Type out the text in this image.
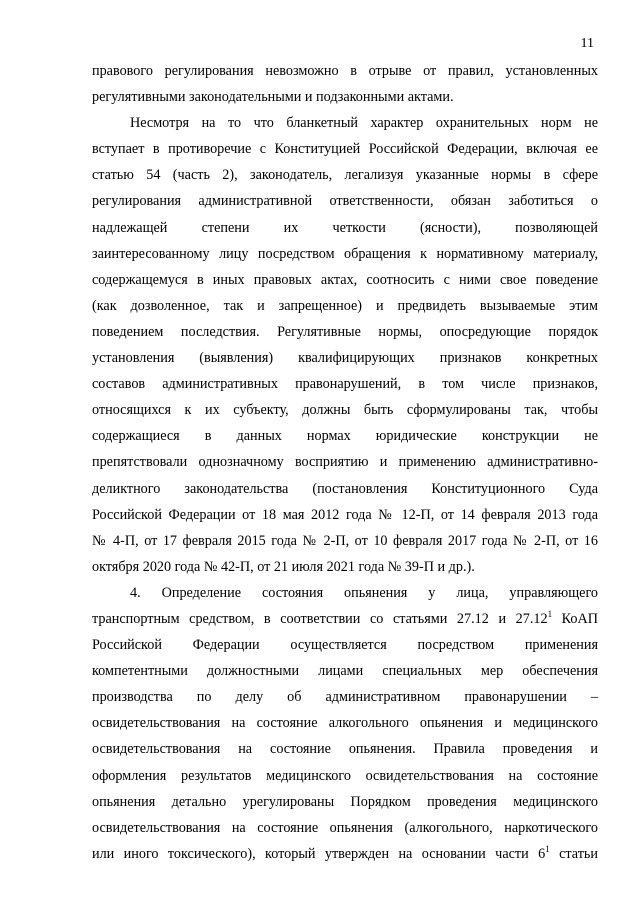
11
правового регулирования невозможно в отрыве от правил, установленных
регулятивными законодательными и подзаконными актами.
Несмотря на то что бланкетный характер охранительных норм не
вступает в противоречие с Конституцией Российской Федерации, включая ее
статью 54 (часть 2), законодатель, легализуя указанные нормы в сфере
регулирования административной ответственности, обязан заботиться о
надлежащей степени их четкости (ясности), позволяющей
заинтересованному лицу посредством обращения к нормативному материалу,
содержащемуся в иных правовых актах, соотносить с ними свое поведение
(как дозволенное, так и запрещенное) и предвидеть вызываемые этим
поведением последствия. Регулятивные нормы, опосредующие порядок
установления (выявления) квалифицирующих признаков конкретных
составов административных правонарушений, в том числе признаков,
относящихся к их субъекту, должны быть сформулированы так, чтобы
содержащиеся в данных нормах юридические конструкции не
препятствовали однозначному восприятию и применению административно-
деликтного законодательства (постановления Конституционного Суда
Российской Федерации от 18 мая 2012 года № 12-П, от 14 февраля 2013 года
№ 4-П, от 17 февраля 2015 года № 2-П, от 10 февраля 2017 года № 2-П, от 16
октября 2020 года № 42-П, от 21 июля 2021 года № 39-П и др.).
4. Определение состояния опьянения у лица, управляющего
транспортным средством, в соответствии со статьями 27.12 и 27.12$^1$ КоАП
Российской Федерации осуществляется посредством применения
компетентными должностными лицами специальных мер обеспечения
производства по делу об административном правонарушении –
освидетельствования на состояние алкогольного опьянения и медицинского
освидетельствования на состояние опьянения. Правила проведения и
оформления результатов медицинского освидетельствования на состояние
опьянения детально урегулированы Порядком проведения медицинского
освидетельствования на состояние опьянения (алкогольного, наркотического
или иного токсического), который утвержден на основании части $6^1$ статьи
